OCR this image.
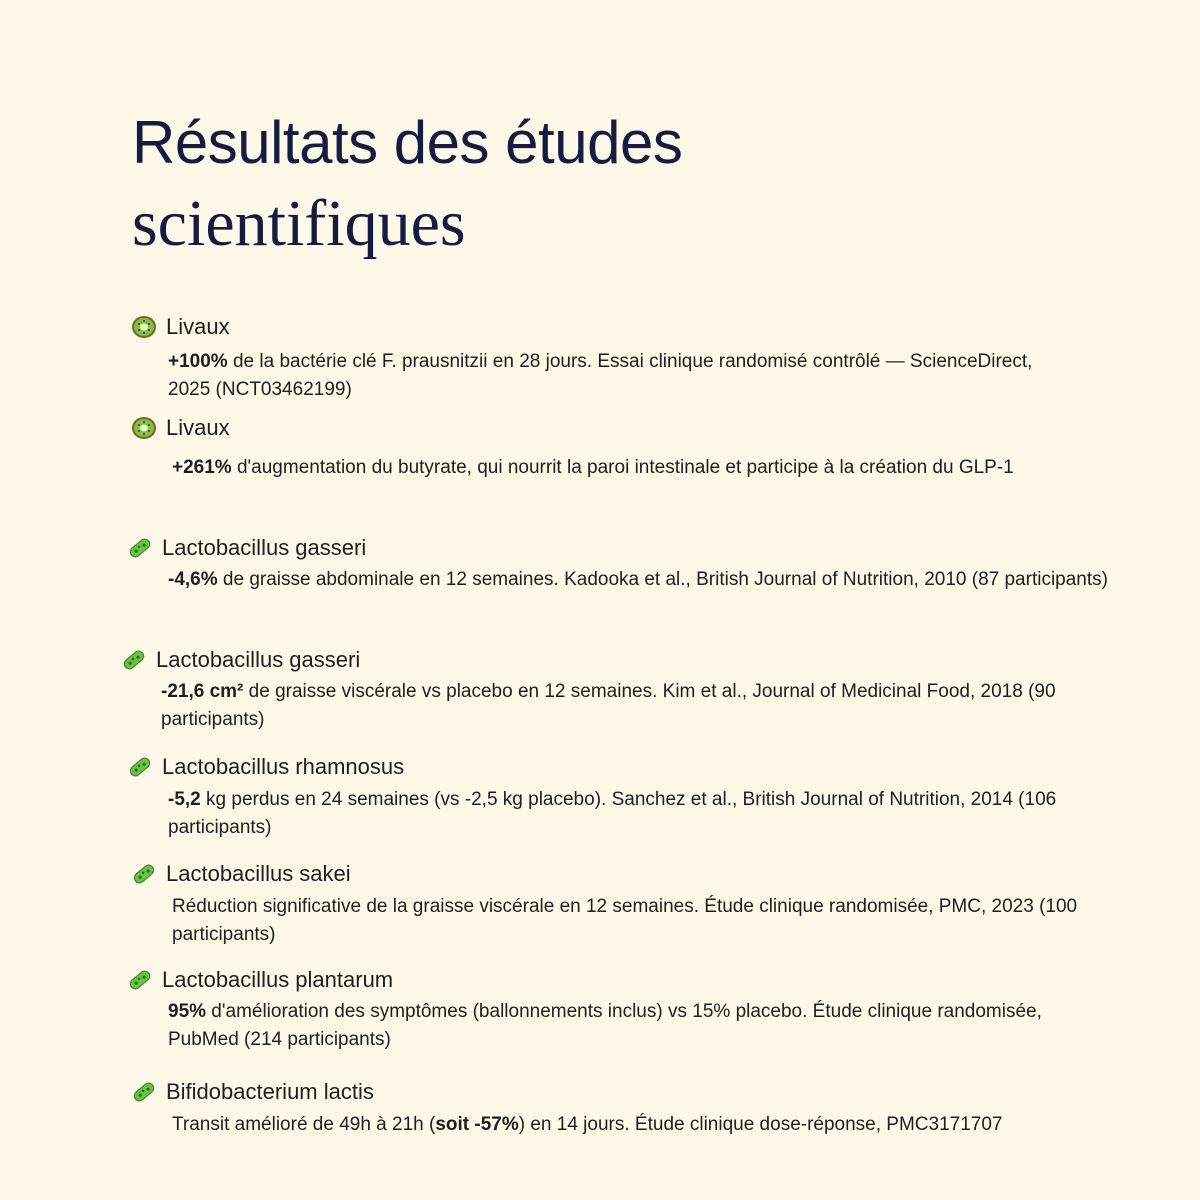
Résultats des études
scientifiques
Livaux
+100% de la bactérie clé F. prausnitzii en 28 jours. Essai clinique randomisé contrôlé — ScienceDirect, 2025 (NCT03462199)
Livaux
+261% d'augmentation du butyrate, qui nourrit la paroi intestinale et participe à la création du GLP-1
Lactobacillus gasseri
-4,6% de graisse abdominale en 12 semaines. Kadooka et al., British Journal of Nutrition, 2010 (87 participants)
Lactobacillus gasseri
-21,6 cm² de graisse viscérale vs placebo en 12 semaines. Kim et al., Journal of Medicinal Food, 2018 (90 participants)
Lactobacillus rhamnosus
-5,2 kg perdus en 24 semaines (vs -2,5 kg placebo). Sanchez et al., British Journal of Nutrition, 2014 (106 participants)
Lactobacillus sakei
Réduction significative de la graisse viscérale en 12 semaines. Étude clinique randomisée, PMC, 2023 (100 participants)
Lactobacillus plantarum
95% d'amélioration des symptômes (ballonnements inclus) vs 15% placebo. Étude clinique randomisée, PubMed (214 participants)
Bifidobacterium lactis
Transit amélioré de 49h à 21h (soit -57%) en 14 jours. Étude clinique dose-réponse, PMC3171707
